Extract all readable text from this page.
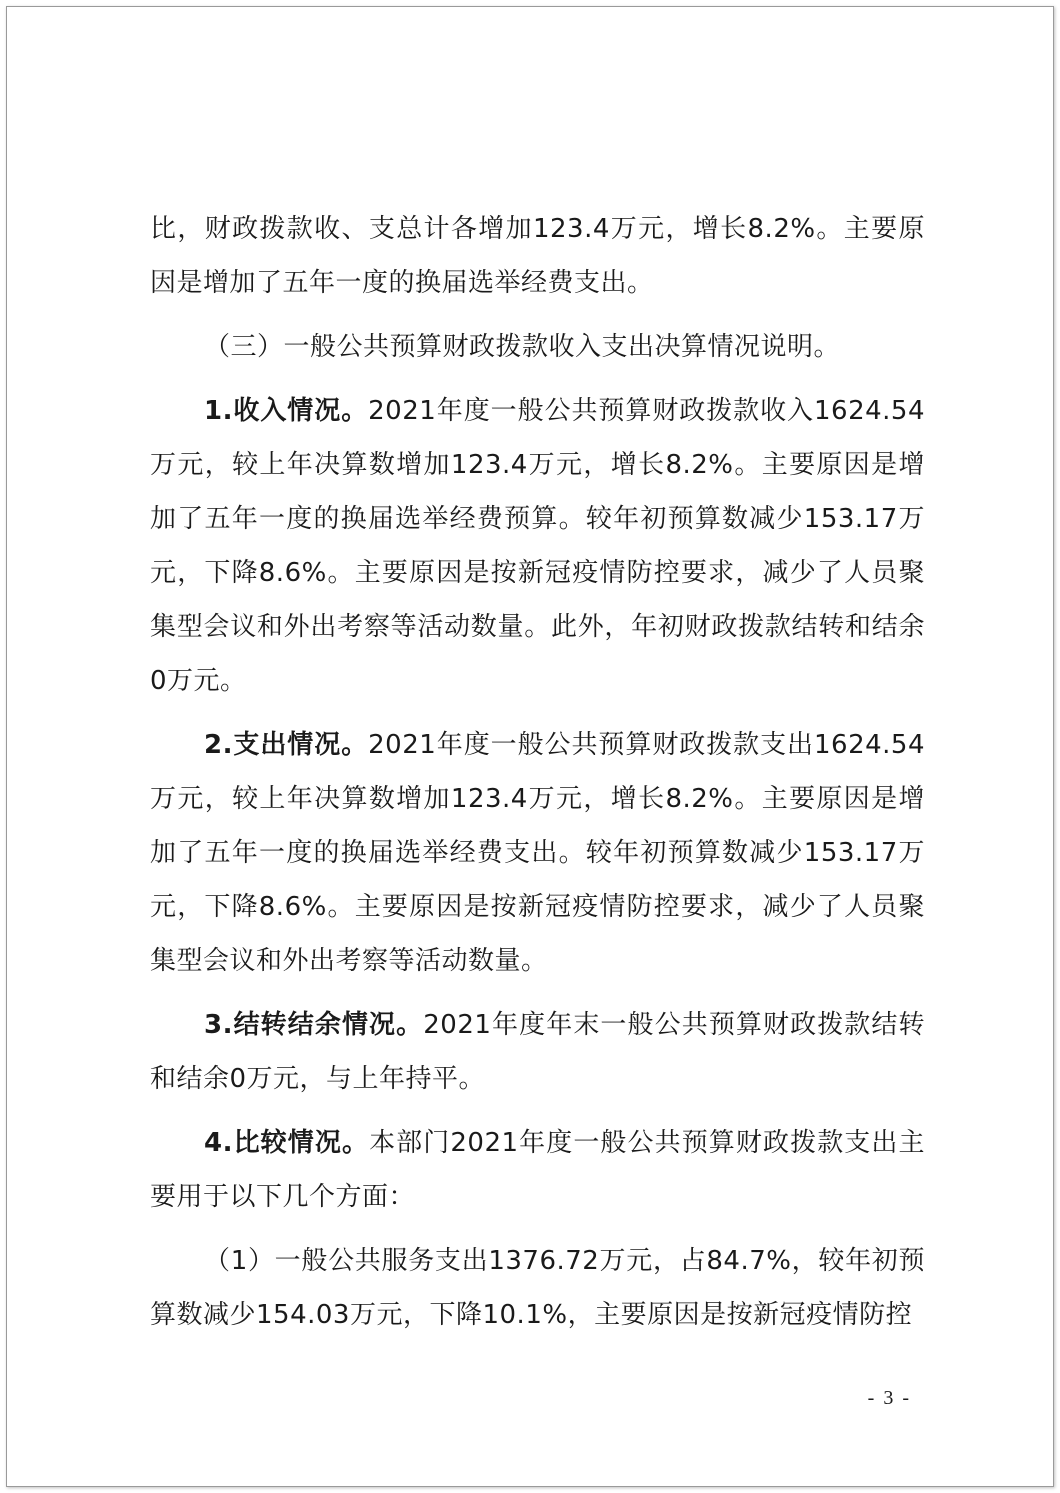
比，财政拨款收、支总计各增加123.4万元，增长8.2%。主要原因是增加了五年一度的换届选举经费支出。

（三）一般公共预算财政拨款收入支出决算情况说明。

1.收入情况。2021年度一般公共预算财政拨款收入1624.54万元，较上年决算数增加123.4万元，增长8.2%。主要原因是增加了五年一度的换届选举经费预算。较年初预算数减少153.17万元，下降8.6%。主要原因是按新冠疫情防控要求，减少了人员聚集型会议和外出考察等活动数量。此外，年初财政拨款结转和结余0万元。

2.支出情况。2021年度一般公共预算财政拨款支出1624.54万元，较上年决算数增加123.4万元，增长8.2%。主要原因是增加了五年一度的换届选举经费支出。较年初预算数减少153.17万元，下降8.6%。主要原因是按新冠疫情防控要求，减少了人员聚集型会议和外出考察等活动数量。

3.结转结余情况。2021年度年末一般公共预算财政拨款结转和结余0万元，与上年持平。

4.比较情况。本部门2021年度一般公共预算财政拨款支出主要用于以下几个方面：

（1）一般公共服务支出1376.72万元，占84.7%，较年初预算数减少154.03万元，下降10.1%，主要原因是按新冠疫情防控

- 3 -
